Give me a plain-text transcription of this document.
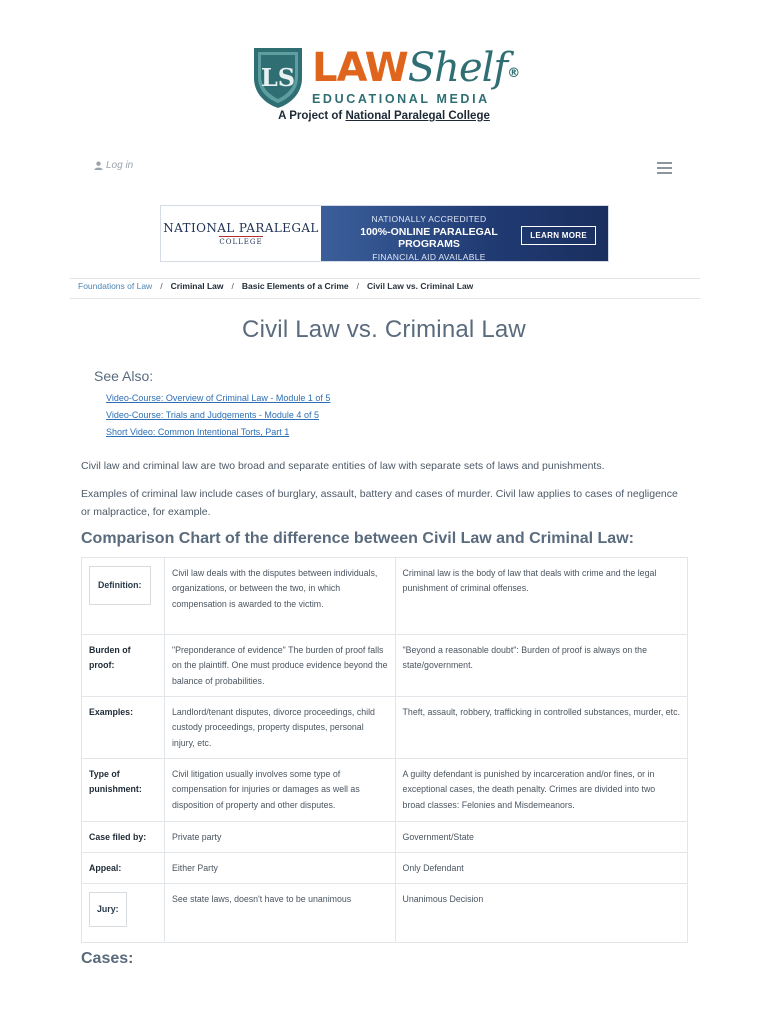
LS LAWShelf®
EDUCATIONAL MEDIA
A Project of National Paralegal College
Log in
NATIONAL PARALEGAL
COLLEGE
NATIONALLY ACCREDITED
100%-ONLINE PARALEGAL PROGRAMS
FINANCIAL AID AVAILABLE
LEARN MORE
Foundations of Law / Criminal Law / Basic Elements of a Crime / Civil Law vs. Criminal Law
Civil Law vs. Criminal Law
See Also:
Video-Course: Overview of Criminal Law - Module 1 of 5
Video-Course: Trials and Judgements - Module 4 of 5
Short Video: Common Intentional Torts, Part 1

Civil law and criminal law are two broad and separate entities of law with separate sets of laws and punishments.

Examples of criminal law include cases of burglary, assault, battery and cases of murder. Civil law applies to cases of negligence or malpractice, for example.

Comparison Chart of the difference between Civil Law and Criminal Law:
Definition:	Civil law deals with the disputes between individuals, organizations, or between the two, in which compensation is awarded to the victim.	Criminal law is the body of law that deals with crime and the legal punishment of criminal offenses.
Burden of proof:	"Preponderance of evidence" The burden of proof falls on the plaintiff. One must produce evidence beyond the balance of probabilities.	"Beyond a reasonable doubt": Burden of proof is always on the state/government.
Examples:	Landlord/tenant disputes, divorce proceedings, child custody proceedings, property disputes, personal injury, etc.	Theft, assault, robbery, trafficking in controlled substances, murder, etc.
Type of punishment:	Civil litigation usually involves some type of compensation for injuries or damages as well as disposition of property and other disputes.	A guilty defendant is punished by incarceration and/or fines, or in exceptional cases, the death penalty. Crimes are divided into two broad classes: Felonies and Misdemeanors.
Case filed by:	Private party	Government/State
Appeal:	Either Party	Only Defendant
Jury:	See state laws, doesn't have to be unanimous	Unanimous Decision
Cases:
